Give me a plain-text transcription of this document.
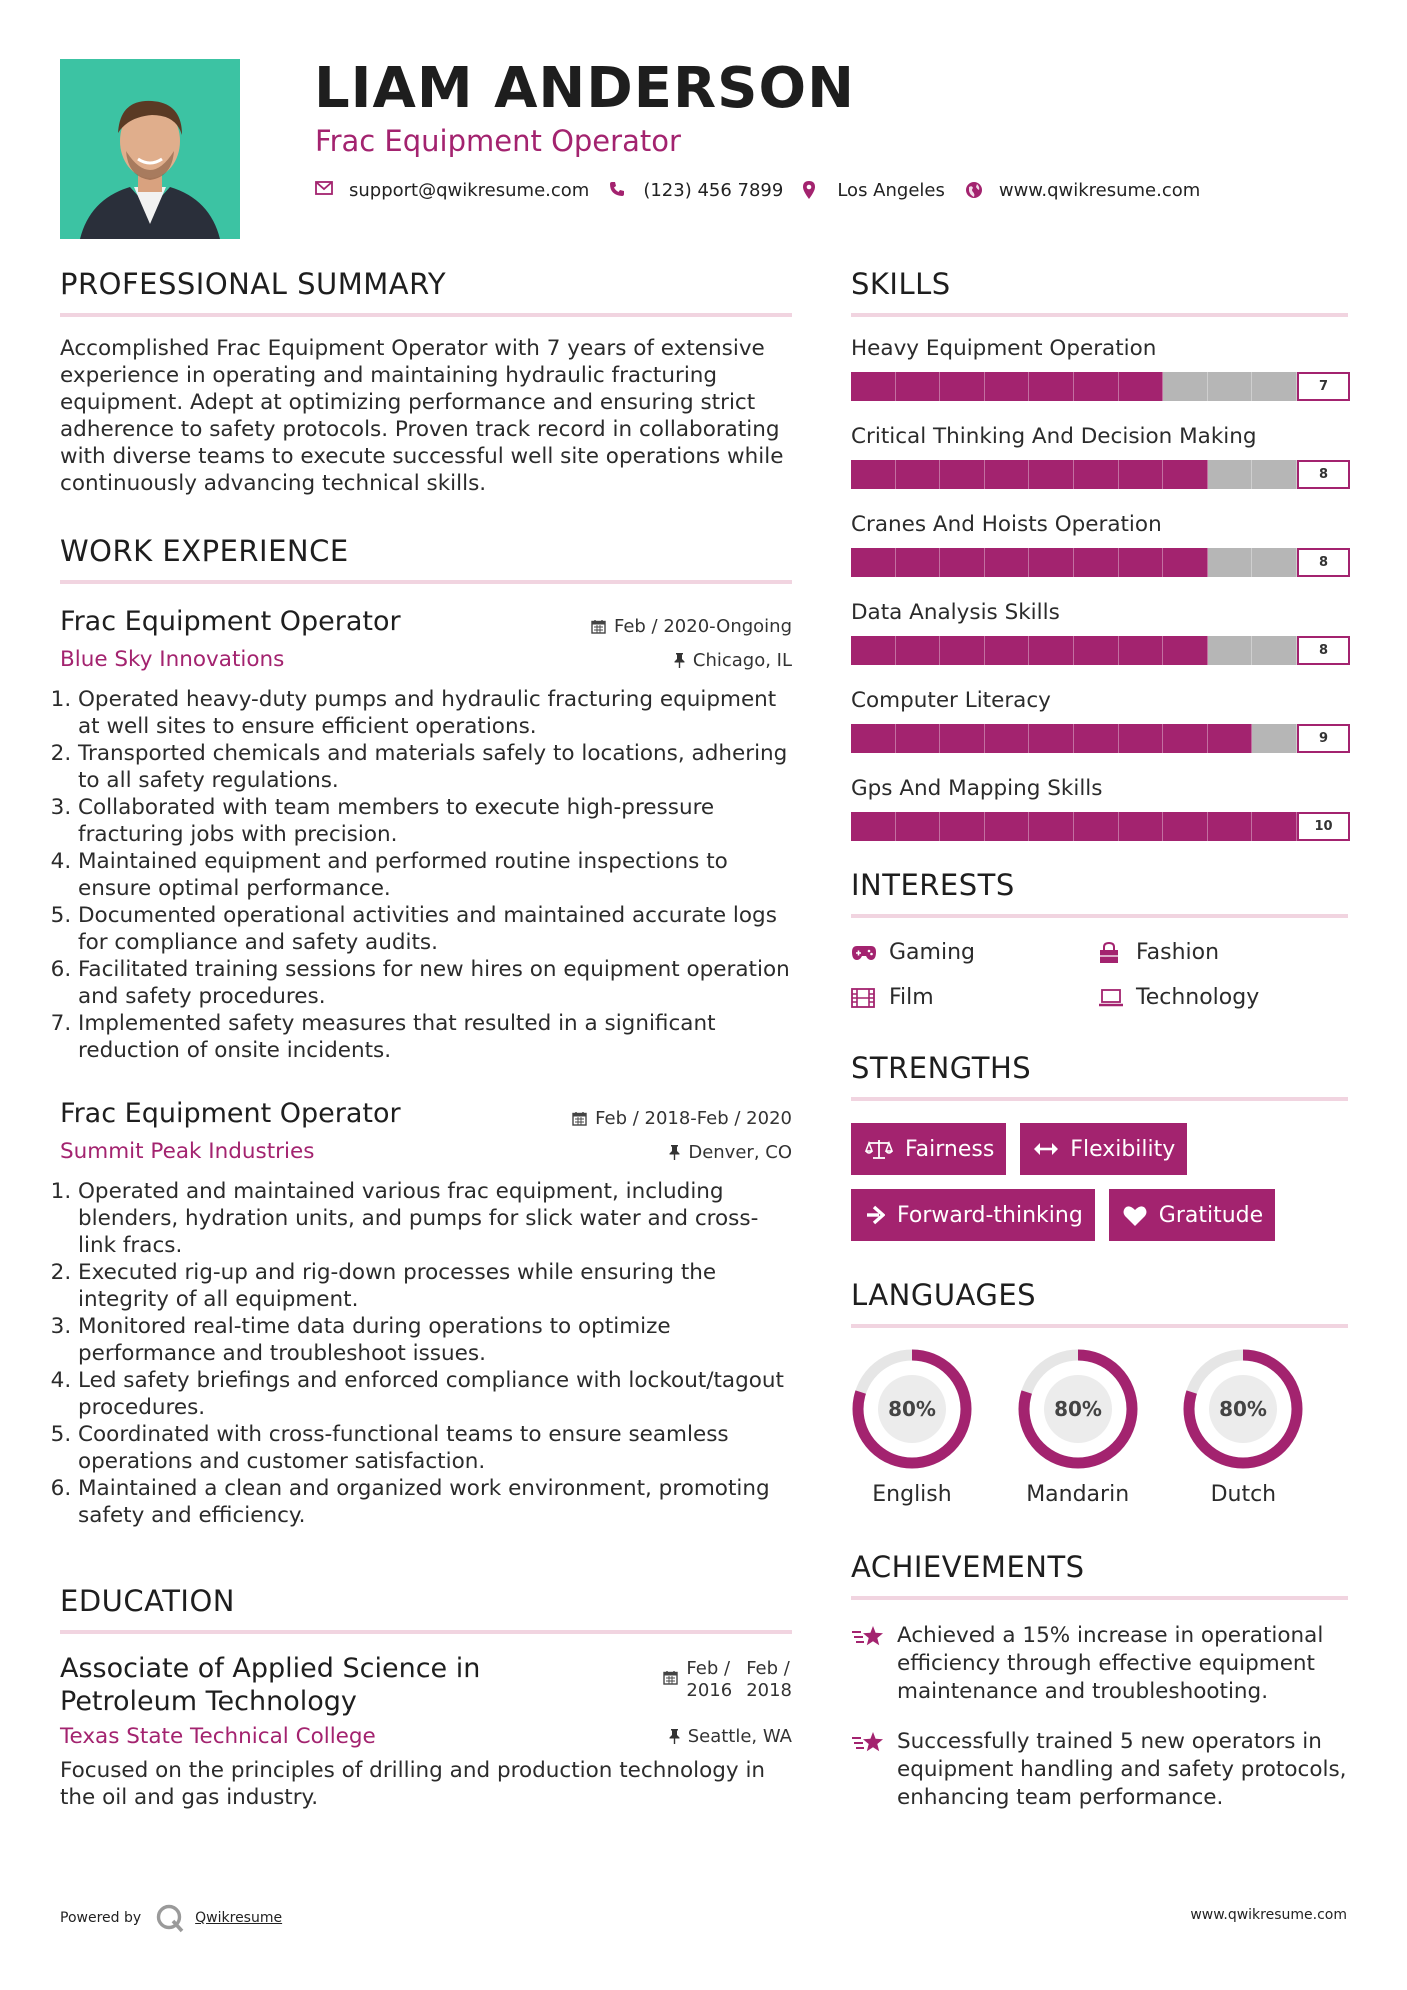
LIAM ANDERSON
Frac Equipment Operator
support@qwikresume.com	(123) 456 7899	Los Angeles	www.qwikresume.com
PROFESSIONAL SUMMARY
Accomplished Frac Equipment Operator with 7 years of extensive experience in operating and maintaining hydraulic fracturing equipment. Adept at optimizing performance and ensuring strict adherence to safety protocols. Proven track record in collaborating with diverse teams to execute successful well site operations while continuously advancing technical skills.
WORK EXPERIENCE
Feb / 2020-Ongoing
Chicago, IL
Frac Equipment Operator
Blue Sky Innovations
1. Operated heavy-duty pumps and hydraulic fracturing equipment at well sites to ensure efficient operations.
2. Transported chemicals and materials safely to locations, adhering to all safety regulations.
3. Collaborated with team members to execute high-pressure fracturing jobs with precision.
4. Maintained equipment and performed routine inspections to ensure optimal performance.
5. Documented operational activities and maintained accurate logs for compliance and safety audits.
6. Facilitated training sessions for new hires on equipment operation and safety procedures.
7. Implemented safety measures that resulted in a significant reduction of onsite incidents.
Feb / 2018-Feb / 2020
Denver, CO
Frac Equipment Operator
Summit Peak Industries
1. Operated and maintained various frac equipment, including blenders, hydration units, and pumps for slick water and cross-link fracs.
2. Executed rig-up and rig-down processes while ensuring the integrity of all equipment.
3. Monitored real-time data during operations to optimize performance and troubleshoot issues.
4. Led safety briefings and enforced compliance with lockout/tagout procedures.
5. Coordinated with cross-functional teams to ensure seamless operations and customer satisfaction.
6. Maintained a clean and organized work environment, promoting safety and efficiency.
EDUCATION
Feb /
2016
Feb /
2018
Seattle, WA
Associate of Applied Science in
Petroleum Technology
Texas State Technical College
Focused on the principles of drilling and production technology in the oil and gas industry.
SKILLS
Heavy Equipment Operation
7
Critical Thinking And Decision Making
8
Cranes And Hoists Operation
8
Data Analysis Skills
8
Computer Literacy
9
Gps And Mapping Skills
10
INTERESTS
Gaming	Fashion
Film	Technology
STRENGTHS
Fairness	Flexibility
Forward-thinking	Gratitude
LANGUAGES
80%
English
80%
Mandarin
80%
Dutch
ACHIEVEMENTS
Achieved a 15% increase in operational efficiency through effective equipment maintenance and troubleshooting.
Successfully trained 5 new operators in equipment handling and safety protocols, enhancing team performance.
Powered by	Qwikresume	www.qwikresume.com
